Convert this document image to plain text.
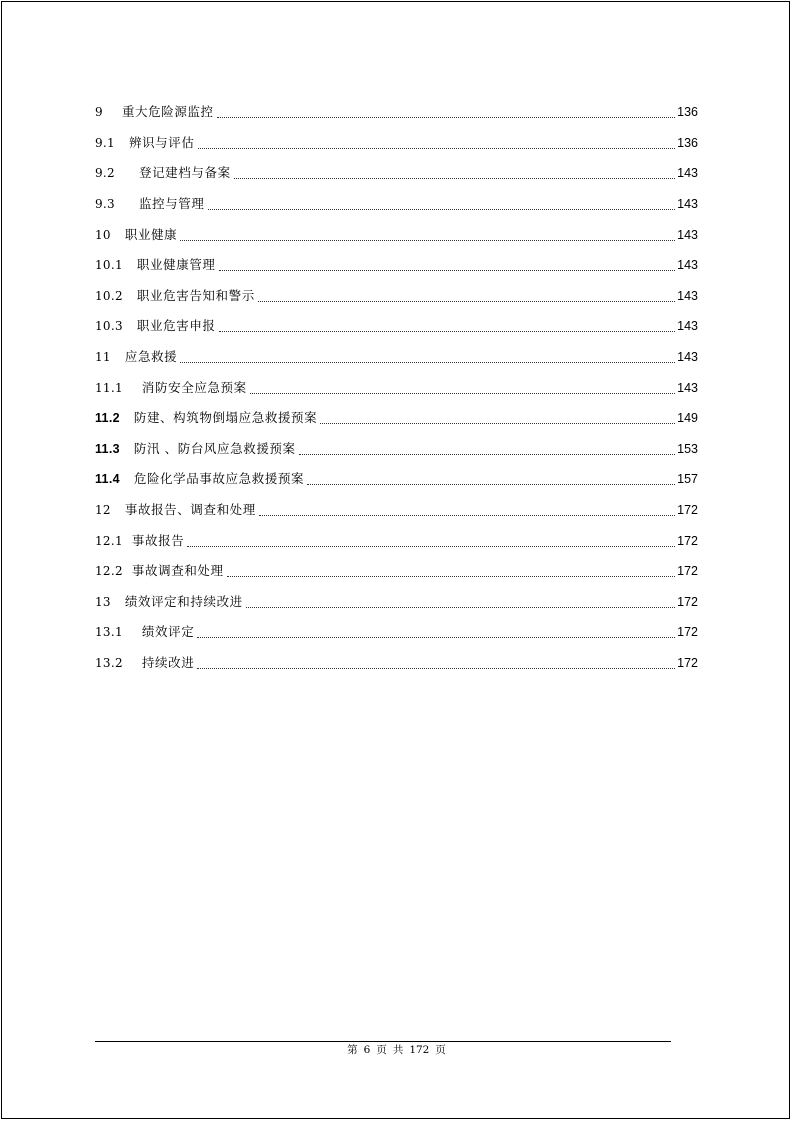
9 重大危险源监控	136
9.1 辨识与评估	136
9.2 登记建档与备案	143
9.3 监控与管理	143
10 职业健康	143
10.1 职业健康管理	143
10.2 职业危害告知和警示	143
10.3 职业危害申报	143
11 应急救援	143
11.1 消防安全应急预案	143
11.2 防建、构筑物倒塌应急救援预案	149
11.3 防汛 、防台风应急救援预案	153
11.4 危险化学品事故应急救援预案	157
12 事故报告、调查和处理	172
12.1 事故报告	172
12.2 事故调查和处理	172
13 绩效评定和持续改进	172
13.1 绩效评定	172
13.2 持续改进	172
第 6 页 共 172 页
